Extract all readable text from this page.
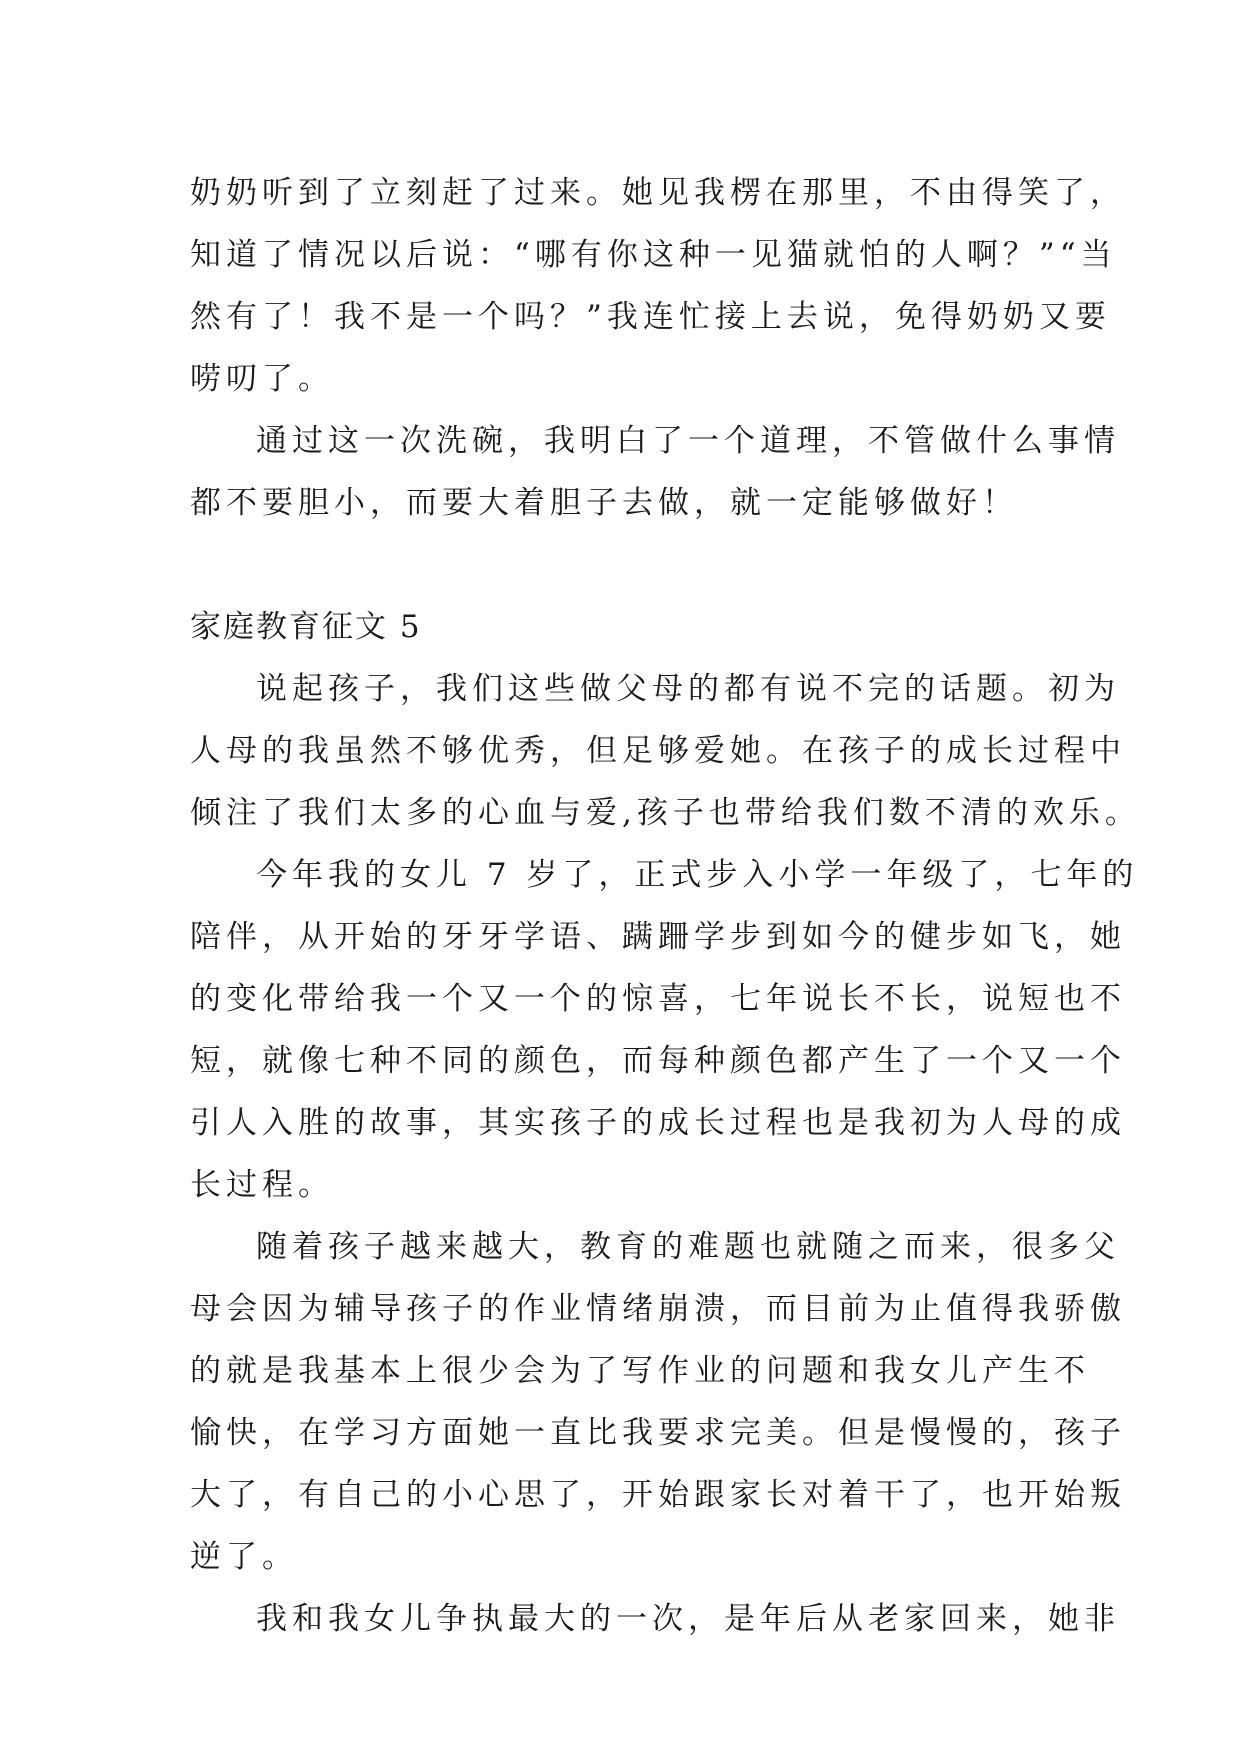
奶奶听到了立刻赶了过来。她见我楞在那里，不由得笑了，
知道了情况以后说：“哪有你这种一见猫就怕的人啊？”“当
然有了！我不是一个吗？”我连忙接上去说，免得奶奶又要
唠叨了。
通过这一次洗碗，我明白了一个道理，不管做什么事情
都不要胆小，而要大着胆子去做，就一定能够做好！
家庭教育征文 5
说起孩子，我们这些做父母的都有说不完的话题。初为
人母的我虽然不够优秀，但足够爱她。在孩子的成长过程中
倾注了我们太多的心血与爱,孩子也带给我们数不清的欢乐。
今年我的女儿 7 岁了，正式步入小学一年级了，七年的
陪伴，从开始的牙牙学语、蹒跚学步到如今的健步如飞，她
的变化带给我一个又一个的惊喜，七年说长不长，说短也不
短，就像七种不同的颜色，而每种颜色都产生了一个又一个
引人入胜的故事，其实孩子的成长过程也是我初为人母的成
长过程。
随着孩子越来越大，教育的难题也就随之而来，很多父
母会因为辅导孩子的作业情绪崩溃，而目前为止值得我骄傲
的就是我基本上很少会为了写作业的问题和我女儿产生不
愉快，在学习方面她一直比我要求完美。但是慢慢的，孩子
大了，有自己的小心思了，开始跟家长对着干了，也开始叛
逆了。
我和我女儿争执最大的一次，是年后从老家回来，她非
